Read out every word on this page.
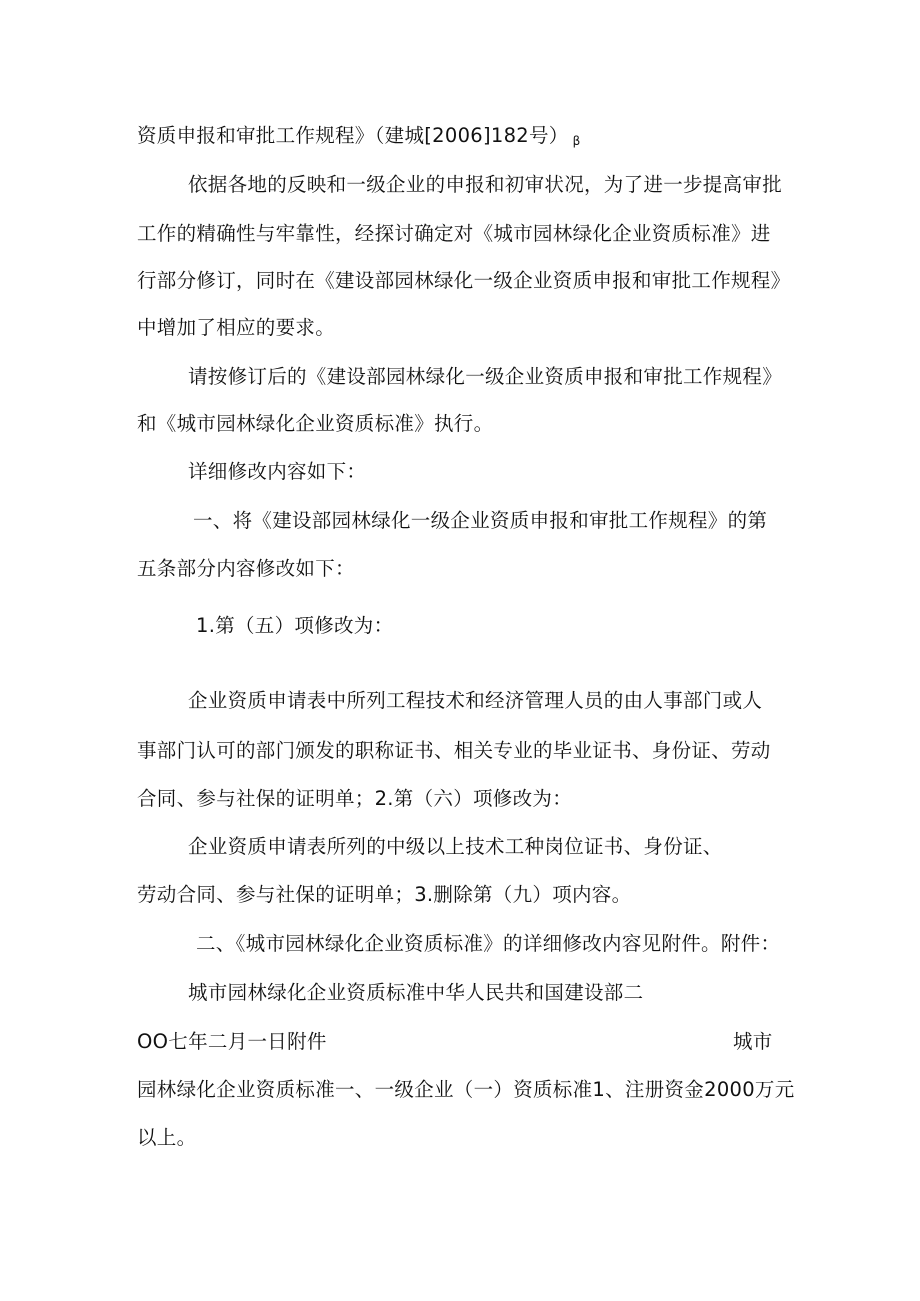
资质申报和审批工作规程》（建城[2006]182号） β
依据各地的反映和一级企业的申报和初审状况，为了进一步提高审批
工作的精确性与牢靠性，经探讨确定对《城市园林绿化企业资质标准》进
行部分修订，同时在《建设部园林绿化一级企业资质申报和审批工作规程》
中增加了相应的要求。
请按修订后的《建设部园林绿化一级企业资质申报和审批工作规程》
和《城市园林绿化企业资质标准》执行。
详细修改内容如下：
一、将《建设部园林绿化一级企业资质申报和审批工作规程》的第
五条部分内容修改如下：
1.第（五）项修改为：
企业资质申请表中所列工程技术和经济管理人员的由人事部门或人
事部门认可的部门颁发的职称证书、相关专业的毕业证书、身份证、劳动
合同、参与社保的证明单；2.第（六）项修改为：
企业资质申请表所列的中级以上技术工种岗位证书、身份证、
劳动合同、参与社保的证明单；3.删除第（九）项内容。
二、《城市园林绿化企业资质标准》的详细修改内容见附件。附件：
城市园林绿化企业资质标准中华人民共和国建设部二
OO七年二月一日附件	城市
园林绿化企业资质标准一、一级企业（一）资质标准1、注册资金2000万元
以上。
